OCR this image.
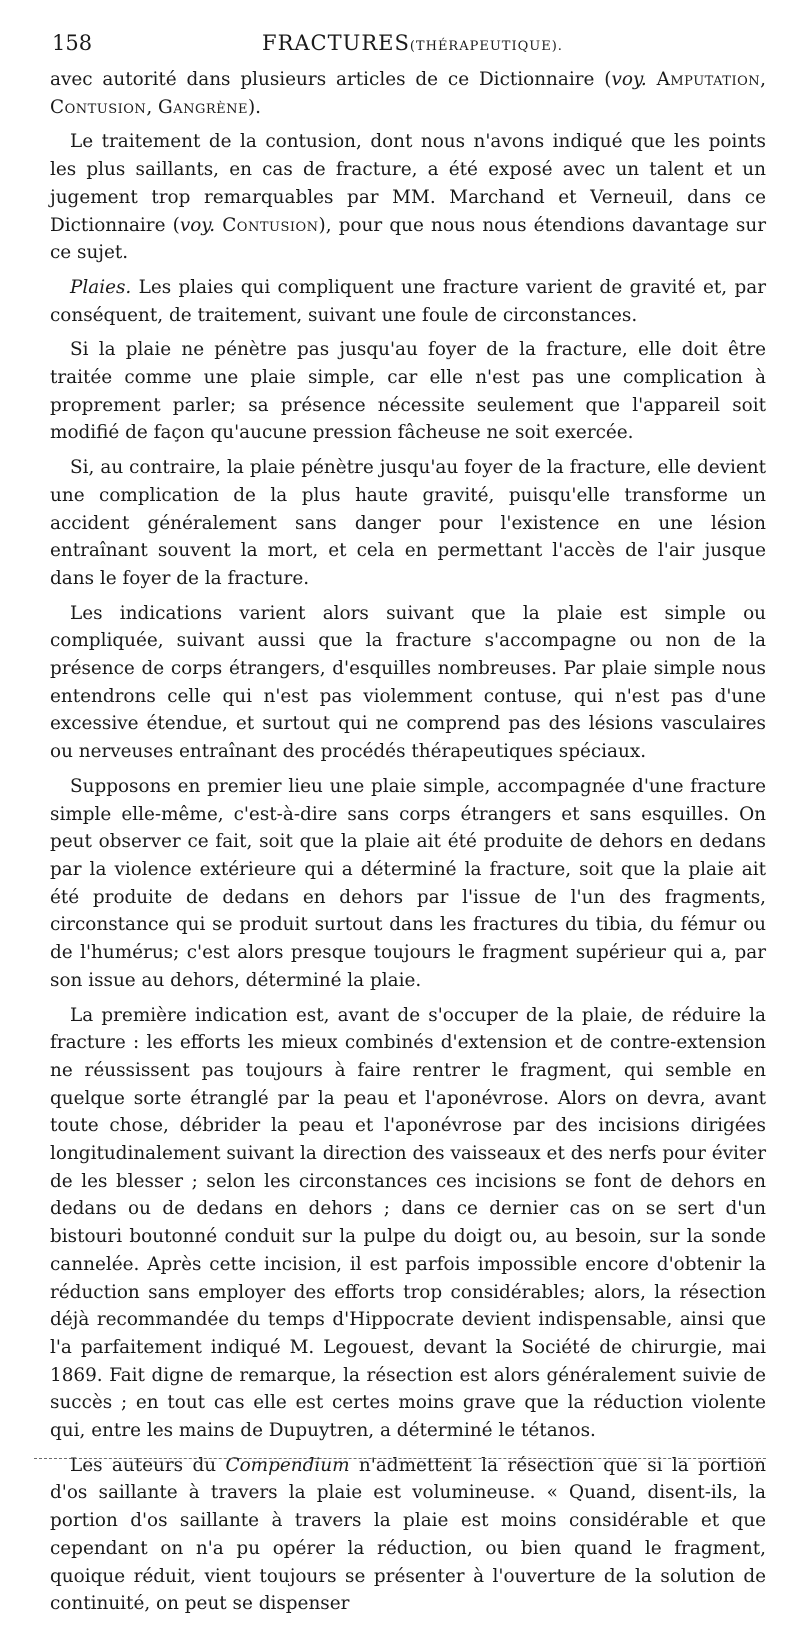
158	FRACTURES(THÉRAPEUTIQUE).

avec autorité dans plusieurs articles de ce Dictionnaire (voy. Amputation, Contusion, Gangrène).

Le traitement de la contusion, dont nous n'avons indiqué que les points les plus saillants, en cas de fracture, a été exposé avec un talent et un jugement trop remarquables par MM. Marchand et Verneuil, dans ce Dictionnaire (voy. Contusion), pour que nous nous étendions davantage sur ce sujet.

Plaies. Les plaies qui compliquent une fracture varient de gravité et, par conséquent, de traitement, suivant une foule de circonstances.

Si la plaie ne pénètre pas jusqu'au foyer de la fracture, elle doit être traitée comme une plaie simple, car elle n'est pas une complication à proprement parler; sa présence nécessite seulement que l'appareil soit modifié de façon qu'aucune pression fâcheuse ne soit exercée.

Si, au contraire, la plaie pénètre jusqu'au foyer de la fracture, elle devient une complication de la plus haute gravité, puisqu'elle transforme un accident généralement sans danger pour l'existence en une lésion entraînant souvent la mort, et cela en permettant l'accès de l'air jusque dans le foyer de la fracture.

Les indications varient alors suivant que la plaie est simple ou compliquée, suivant aussi que la fracture s'accompagne ou non de la présence de corps étrangers, d'esquilles nombreuses. Par plaie simple nous entendrons celle qui n'est pas violemment contuse, qui n'est pas d'une excessive étendue, et surtout qui ne comprend pas des lésions vasculaires ou nerveuses entraînant des procédés thérapeutiques spéciaux.

Supposons en premier lieu une plaie simple, accompagnée d'une fracture simple elle-même, c'est-à-dire sans corps étrangers et sans esquilles. On peut observer ce fait, soit que la plaie ait été produite de dehors en dedans par la violence extérieure qui a déterminé la fracture, soit que la plaie ait été produite de dedans en dehors par l'issue de l'un des fragments, circonstance qui se produit surtout dans les fractures du tibia, du fémur ou de l'humérus; c'est alors presque toujours le fragment supérieur qui a, par son issue au dehors, déterminé la plaie.

La première indication est, avant de s'occuper de la plaie, de réduire la fracture : les efforts les mieux combinés d'extension et de contre-extension ne réussissent pas toujours à faire rentrer le fragment, qui semble en quelque sorte étranglé par la peau et l'aponévrose. Alors on devra, avant toute chose, débrider la peau et l'aponévrose par des incisions dirigées longitudinalement suivant la direction des vaisseaux et des nerfs pour éviter de les blesser ; selon les circonstances ces incisions se font de dehors en dedans ou de dedans en dehors ; dans ce dernier cas on se sert d'un bistouri boutonné conduit sur la pulpe du doigt ou, au besoin, sur la sonde cannelée. Après cette incision, il est parfois impossible encore d'obtenir la réduction sans employer des efforts trop considérables; alors, la résection déjà recommandée du temps d'Hippocrate devient indispensable, ainsi que l'a parfaitement indiqué M. Legouest, devant la Société de chirurgie, mai 1869. Fait digne de remarque, la résection est alors généralement suivie de succès ; en tout cas elle est certes moins grave que la réduction violente qui, entre les mains de Dupuytren, a déterminé le tétanos.

Les auteurs du Compendium n'admettent la résection que si la portion d'os saillante à travers la plaie est volumineuse. « Quand, disent-ils, la portion d'os saillante à travers la plaie est moins considérable et que cependant on n'a pu opérer la réduction, ou bien quand le fragment, quoique réduit, vient toujours se présenter à l'ouverture de la solution de continuité, on peut se dispenser
